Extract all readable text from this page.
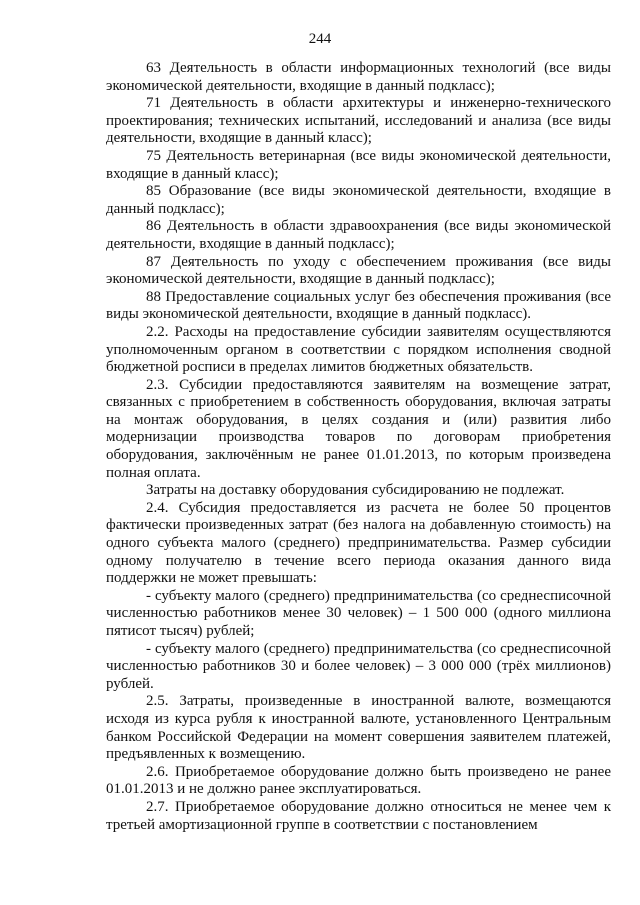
244

63 Деятельность в области информационных технологий (все виды экономической деятельности, входящие в данный подкласс);

71 Деятельность в области архитектуры и инженерно-технического проектирования; технических испытаний, исследований и анализа (все виды деятельности, входящие в данный класс);

75 Деятельность ветеринарная (все виды экономической деятельности, входящие в данный класс);

85 Образование (все виды экономической деятельности, входящие в данный подкласс);

86 Деятельность в области здравоохранения (все виды экономической деятельности, входящие в данный подкласс);

87 Деятельность по уходу с обеспечением проживания (все виды экономической деятельности, входящие в данный подкласс);

88 Предоставление социальных услуг без обеспечения проживания (все виды экономической деятельности, входящие в данный подкласс).

2.2. Расходы на предоставление субсидии заявителям осуществляются уполномоченным органом в соответствии с порядком исполнения сводной бюджетной росписи в пределах лимитов бюджетных обязательств.

2.3. Субсидии предоставляются заявителям на возмещение затрат, связанных с приобретением в собственность оборудования, включая затраты на монтаж оборудования, в целях создания и (или) развития либо модернизации производства товаров по договорам приобретения оборудования, заключённым не ранее 01.01.2013, по которым произведена полная оплата.

Затраты на доставку оборудования субсидированию не подлежат.

2.4. Субсидия предоставляется из расчета не более 50 процентов фактически произведенных затрат (без налога на добавленную стоимость) на одного субъекта малого (среднего) предпринимательства. Размер субсидии одному получателю в течение всего периода оказания данного вида поддержки не может превышать:

- субъекту малого (среднего) предпринимательства (со среднесписочной численностью работников менее 30 человек) – 1 500 000 (одного миллиона пятисот тысяч) рублей;

- субъекту малого (среднего) предпринимательства (со среднесписочной численностью работников 30 и более человек) – 3 000 000 (трёх миллионов) рублей.

2.5. Затраты, произведенные в иностранной валюте, возмещаются исходя из курса рубля к иностранной валюте, установленного Центральным банком Российской Федерации на момент совершения заявителем платежей, предъявленных к возмещению.

2.6. Приобретаемое оборудование должно быть произведено не ранее 01.01.2013 и не должно ранее эксплуатироваться.

2.7. Приобретаемое оборудование должно относиться не менее чем к третьей амортизационной группе в соответствии с постановлением
